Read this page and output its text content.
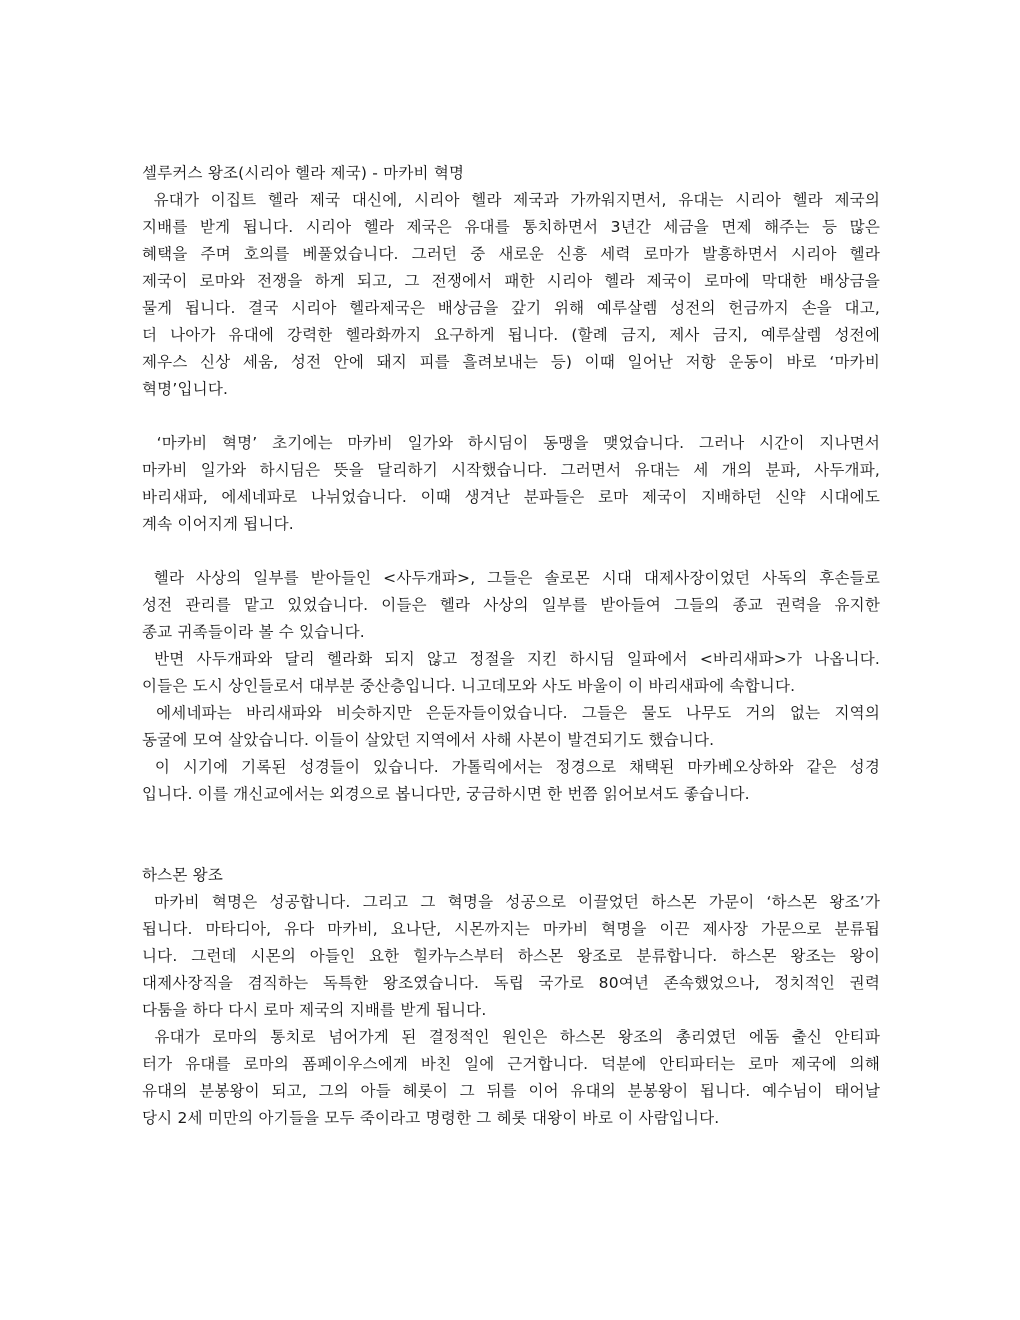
셀루커스 왕조(시리아 헬라 제국) - 마카비 혁명
유대가 이집트 헬라 제국 대신에, 시리아 헬라 제국과 가까워지면서, 유대는 시리아 헬라 제국의
지배를 받게 됩니다. 시리아 헬라 제국은 유대를 통치하면서 3년간 세금을 면제 해주는 등 많은
혜택을 주며 호의를 베풀었습니다. 그러던 중 새로운 신흥 세력 로마가 발흥하면서 시리아 헬라
제국이 로마와 전쟁을 하게 되고, 그 전쟁에서 패한 시리아 헬라 제국이 로마에 막대한 배상금을
물게 됩니다. 결국 시리아 헬라제국은 배상금을 갚기 위해 예루살렘 성전의 헌금까지 손을 대고,
더 나아가 유대에 강력한 헬라화까지 요구하게 됩니다. (할례 금지, 제사 금지, 예루살렘 성전에
제우스 신상 세움, 성전 안에 돼지 피를 흘려보내는 등) 이때 일어난 저항 운동이 바로 ‘마카비
혁명’입니다.
‘마카비 혁명’ 초기에는 마카비 일가와 하시딤이 동맹을 맺었습니다. 그러나 시간이 지나면서
마카비 일가와 하시딤은 뜻을 달리하기 시작했습니다. 그러면서 유대는 세 개의 분파, 사두개파,
바리새파, 에세네파로 나뉘었습니다. 이때 생겨난 분파들은 로마 제국이 지배하던 신약 시대에도
계속 이어지게 됩니다.
헬라 사상의 일부를 받아들인 <사두개파>, 그들은 솔로몬 시대 대제사장이었던 사독의 후손들로
성전 관리를 맡고 있었습니다. 이들은 헬라 사상의 일부를 받아들여 그들의 종교 권력을 유지한
종교 귀족들이라 볼 수 있습니다.
반면 사두개파와 달리 헬라화 되지 않고 정절을 지킨 하시딤 일파에서 <바리새파>가 나옵니다.
이들은 도시 상인들로서 대부분 중산층입니다. 니고데모와 사도 바울이 이 바리새파에 속합니다.
에세네파는 바리새파와 비슷하지만 은둔자들이었습니다. 그들은 물도 나무도 거의 없는 지역의
동굴에 모여 살았습니다. 이들이 살았던 지역에서 사해 사본이 발견되기도 했습니다.
이 시기에 기록된 성경들이 있습니다. 가톨릭에서는 정경으로 채택된 마카베오상하와 같은 성경
입니다. 이를 개신교에서는 외경으로 봅니다만, 궁금하시면 한 번쯤 읽어보셔도 좋습니다.
하스몬 왕조
마카비 혁명은 성공합니다. 그리고 그 혁명을 성공으로 이끌었던 하스몬 가문이 ‘하스몬 왕조’가
됩니다. 마타디아, 유다 마카비, 요나단, 시몬까지는 마카비 혁명을 이끈 제사장 가문으로 분류됩
니다. 그런데 시몬의 아들인 요한 힐카누스부터 하스몬 왕조로 분류합니다. 하스몬 왕조는 왕이
대제사장직을 겸직하는 독특한 왕조였습니다. 독립 국가로 80여년 존속했었으나, 정치적인 권력
다툼을 하다 다시 로마 제국의 지배를 받게 됩니다.
유대가 로마의 통치로 넘어가게 된 결정적인 원인은 하스몬 왕조의 총리였던 에돔 출신 안티파
터가 유대를 로마의 폼페이우스에게 바친 일에 근거합니다. 덕분에 안티파터는 로마 제국에 의해
유대의 분봉왕이 되고, 그의 아들 헤롯이 그 뒤를 이어 유대의 분봉왕이 됩니다. 예수님이 태어날
당시 2세 미만의 아기들을 모두 죽이라고 명령한 그 헤롯 대왕이 바로 이 사람입니다.
